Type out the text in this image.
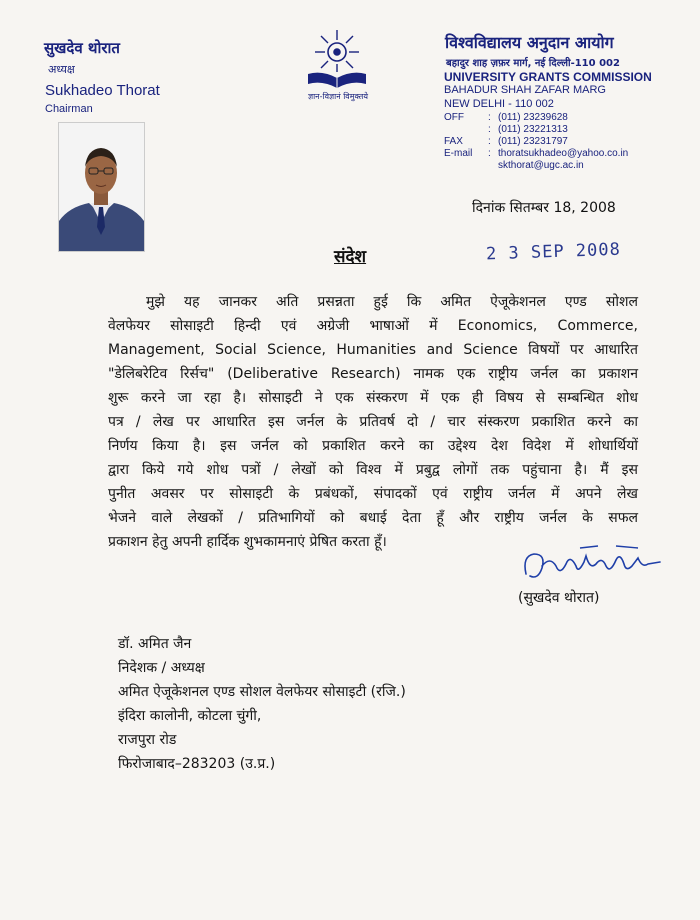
सुखदेव थोरात
अध्यक्ष
Sukhadeo Thorat
Chairman
ज्ञान-विज्ञानं विमुक्तये
विश्वविद्यालय अनुदान आयोग
बहादुर शाह ज़फ़र मार्ग, नई दिल्ली-110 002
UNIVERSITY GRANTS COMMISSION
BAHADUR SHAH ZAFAR MARG
NEW DELHI - 110 002
OFF	:	(011) 23239628
	:	(011) 23221313
FAX	:	(011) 23231797
E-mail	:	thoratsukhadeo@yahoo.co.in
		skthorat@ugc.ac.in
दिनांक सितम्बर 18, 2008
संदेश	2 3 SEP 2008
मुझे यह जानकर अति प्रसन्नता हुई कि अमित ऐजूकेशनल एण्ड सोशल
वेलफेयर सोसाइटी हिन्दी एवं अग्रेजी भाषाओं में Economics, Commerce,
Management, Social Science, Humanities and Science विषयों पर आधारित
"डेलिबरेटिव रिर्सच" (Deliberative Research) नामक एक राष्ट्रीय जर्नल का प्रकाशन
शुरू करने जा रहा है। सोसाइटी ने एक संस्करण में एक ही विषय से सम्बन्धित शोध
पत्र / लेख पर आधारित इस जर्नल के प्रतिवर्ष दो / चार संस्करण प्रकाशित करने का
निर्णय किया है। इस जर्नल को प्रकाशित करने का उद्देश्य देश विदेश में शोधार्थियों
द्वारा किये गये शोध पत्रों / लेखों को विश्व में प्रबुद्व लोगों तक पहुंचाना है। मैं इस
पुनीत अवसर पर सोसाइटी के प्रबंधकों, संपादकों एवं राष्ट्रीय जर्नल में अपने लेख
भेजने वाले लेखकों / प्रतिभागियों को बधाई देता हूँ और राष्ट्रीय जर्नल के सफल
प्रकाशन हेतु अपनी हार्दिक शुभकामनाएं प्रेषित करता हूँ।
(सुखदेव थोरात)
डॉ. अमित जैन
निदेशक / अध्यक्ष
अमित ऐजूकेशनल एण्ड सोशल वेलफेयर सोसाइटी (रजि.)
इंदिरा कालोनी, कोटला चुंगी,
राजपुरा रोड
फिरोजाबाद–283203 (उ.प्र.)
